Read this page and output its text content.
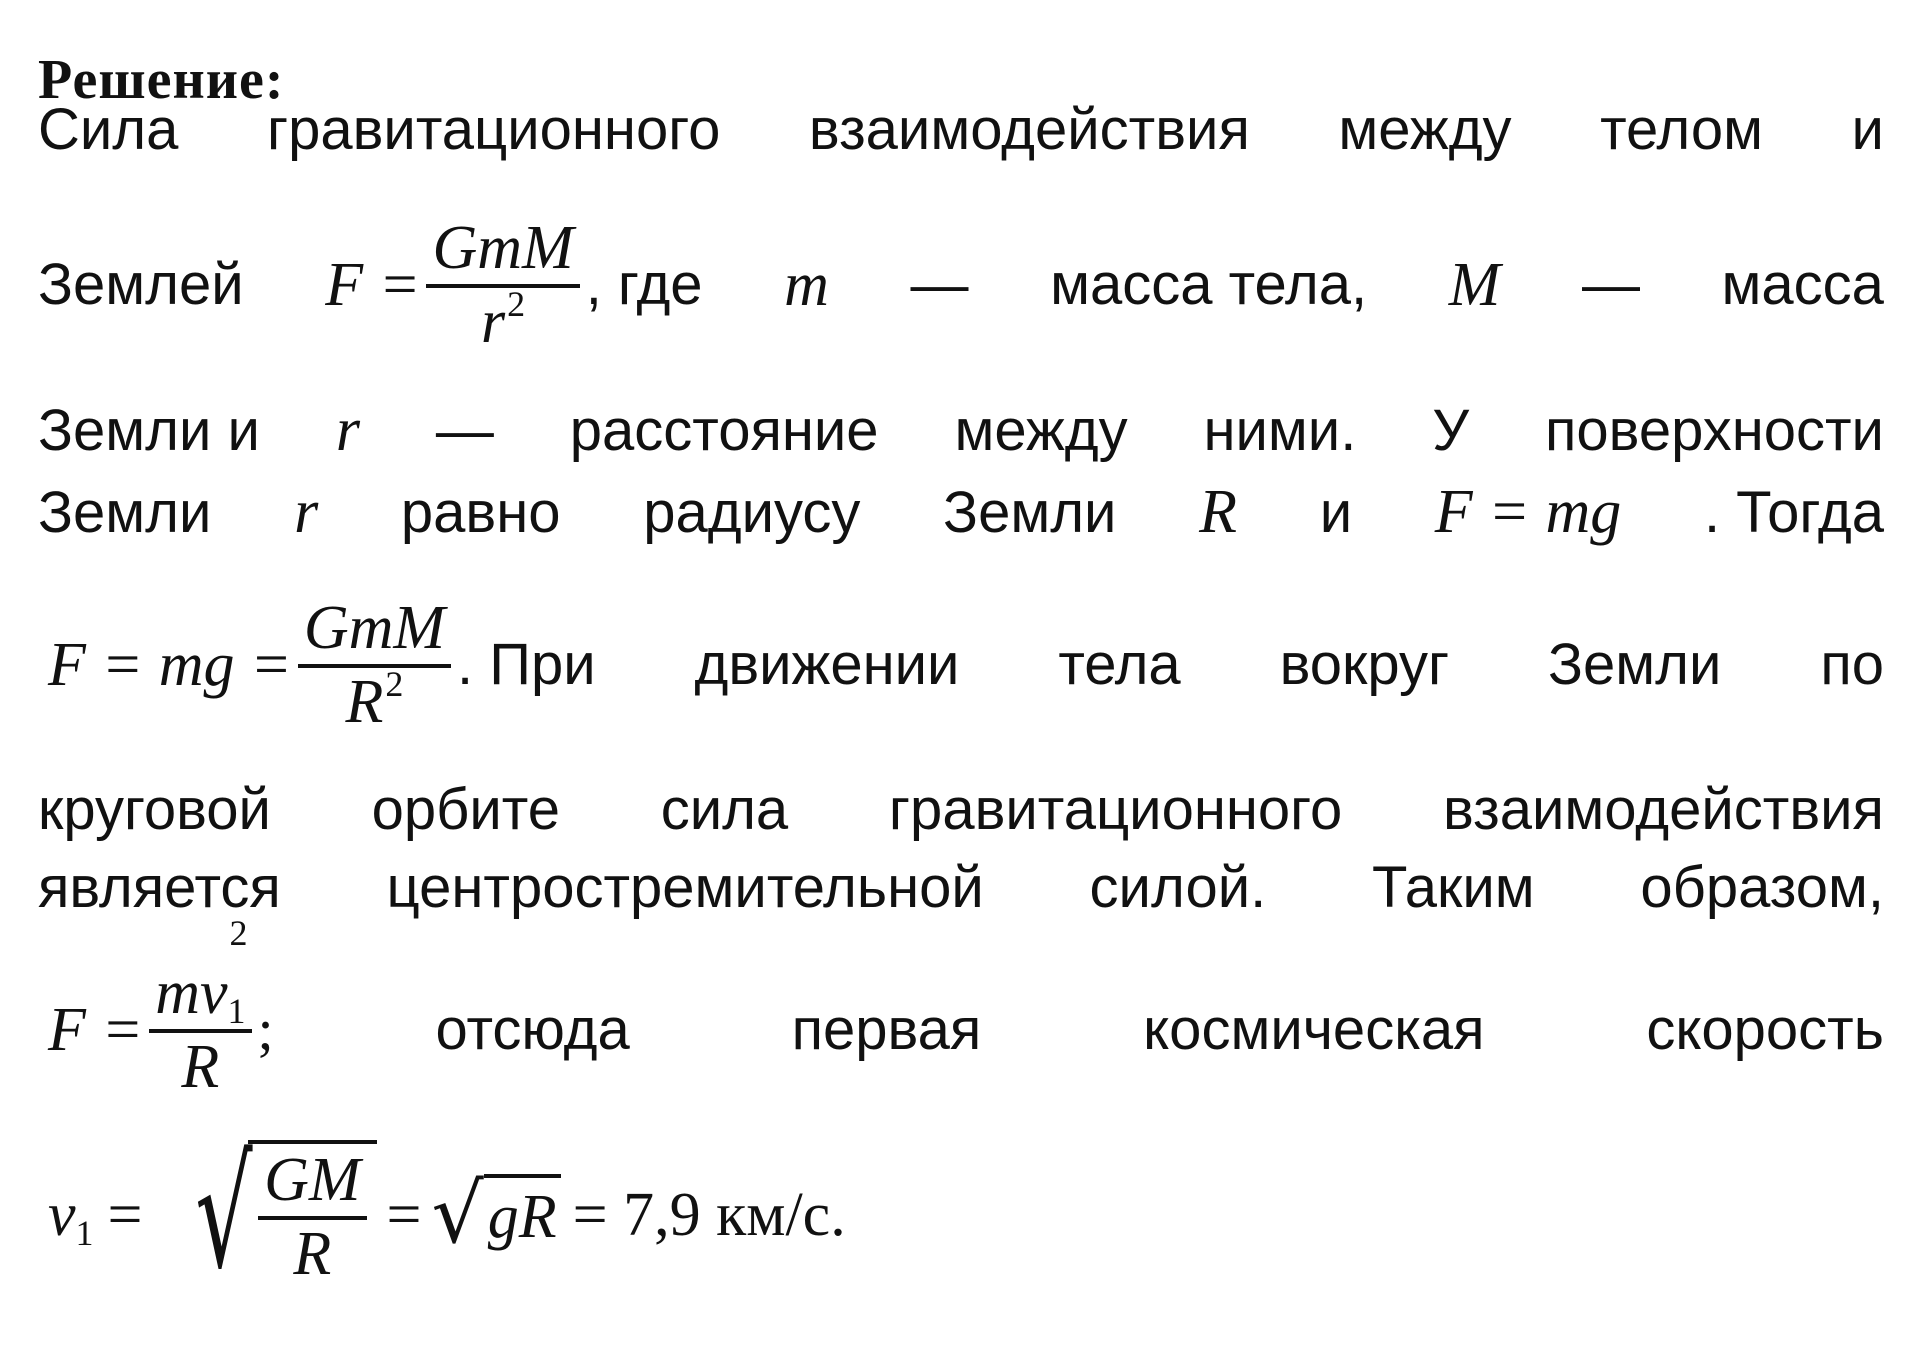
Решение:
Сила гравитационного взаимодействия между телом и
Землей $F = \frac{\text{GmM}}{r^2}$ , где m — масса тела, M — масса
Земли и r — расстояние между ними. У поверхности
Земли r равно радиусу Земли R и F = mg . Тогда
F = mg = $\frac{\text{GmM}}{R^2}$ . При движении тела вокруг Земли по
круговой орбите сила гравитационного взаимодействия
является центростремительной силой. Таким образом,
F = mv
2
$_1$
R ;	отсюда	первая	космическая	скорость
$v_1$ = √ $\frac{GM}{R}$ = √ gR = 7,9 км/с.
